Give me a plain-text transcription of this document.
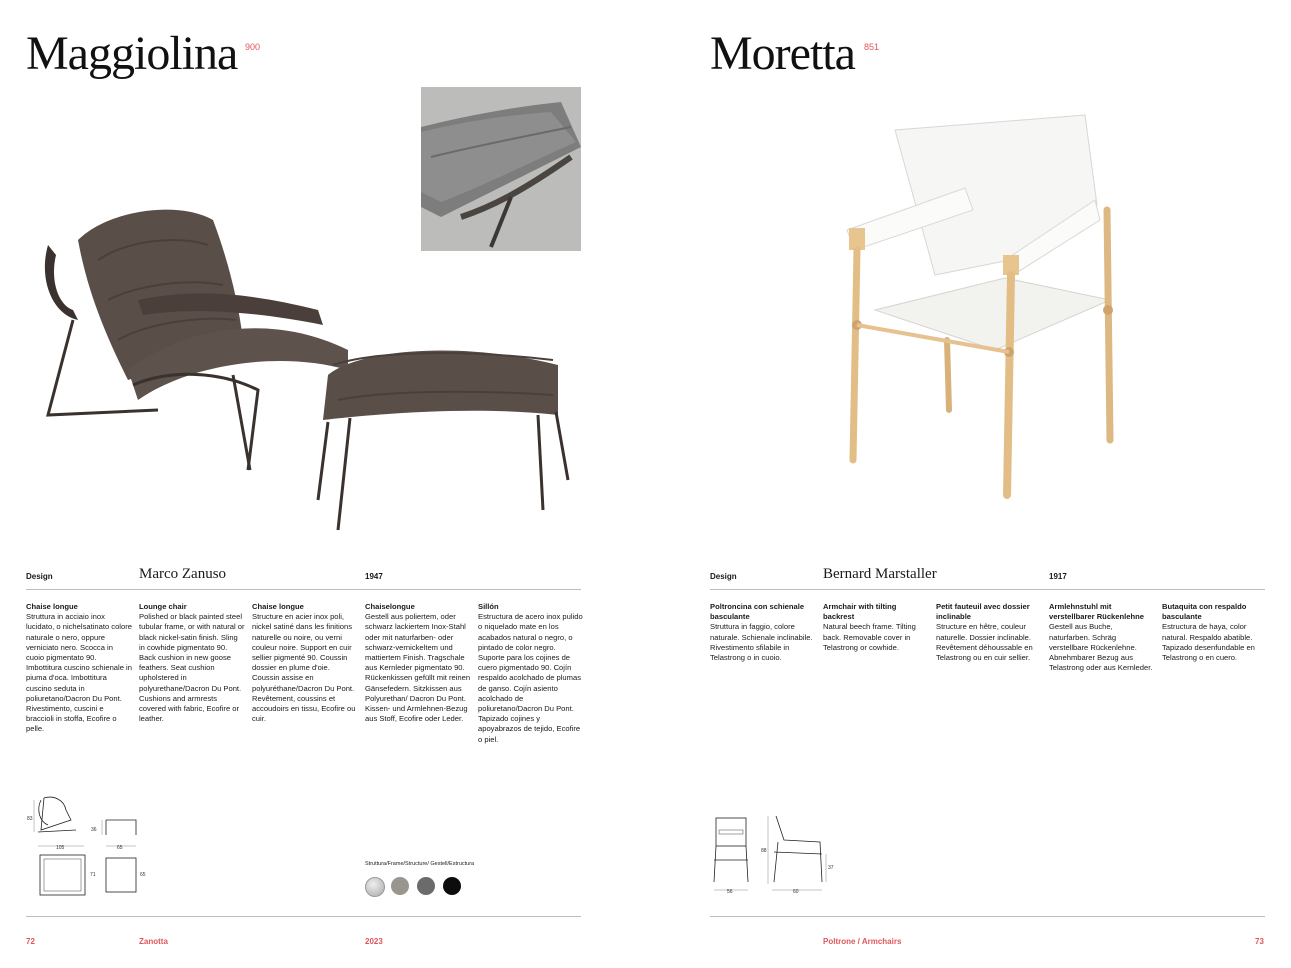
Maggiolina 900
Design	Marco Zanuso	1947
Chaise longue
Struttura in acciaio inox lucidato, o nichelsatinato colore naturale o nero, oppure verniciato nero. Scocca in cuoio pigmentato 90. Imbottitura cuscino schienale in piuma d'oca. Imbottitura cuscino seduta in poliuretano/Dacron Du Pont. Rivestimento, cuscini e braccioli in stoffa, Ecofire o pelle.
Lounge chair
Polished or black painted steel tubular frame, or with natural or black nickel-satin finish. Sling in cowhide pigmentato 90. Back cushion in new goose feathers. Seat cushion upholstered in polyurethane/Dacron Du Pont. Cushions and armrests covered with fabric, Ecofire or leather.
Chaise longue
Structure en acier inox poli, nickel satiné dans les finitions naturelle ou noire, ou verni couleur noire. Support en cuir sellier pigmenté 90. Coussin dossier en plume d'oie. Coussin assise en polyuréthane/Dacron Du Pont. Revêtement, coussins et accoudoirs en tissu, Ecofire ou cuir.
Chaiselongue
Gestell aus poliertem, oder schwarz lackiertem Inox-Stahl oder mit naturfarben- oder schwarz-vernickeltem und mattiertem Finish. Tragschale aus Kernleder pigmentato 90. Rückenkissen gefüllt mit reinen Gänsefedern. Sitzkissen aus Polyurethan/ Dacron Du Pont. Kissen- und Armlehnen-Bezug aus Stoff, Ecofire oder Leder.
Sillón
Estructura de acero inox pulido o niquelado mate en los acabados natural o negro, o pintado de color negro. Suporte para los cojines de cuero pigmentado 90. Cojín respaldo acolchado de plumas de ganso. Cojín asiento acolchado de poliuretano/Dacron Du Pont. Tapizado cojines y apoyabrazos de tejido, Ecofire o piel.
83
105
36
65
71	65
Struttura/Frame/Structure/ Gestell/Estructura
72	Zanotta	2023
Moretta 851
Design	Bernard Marstaller	1917
Poltroncina con schienale basculante
Struttura in faggio, colore naturale. Schienale inclinabile. Rivestimento sfilabile in Telastrong o in cuoio.
Armchair with tilting backrest
Natural beech frame. Tilting back. Removable cover in Telastrong or cowhide.
Petit fauteuil avec dossier inclinable
Structure en hêtre, couleur naturelle. Dossier inclinable. Revêtement déhoussable en Telastrong ou en cuir sellier.
Armlehnstuhl mit verstellbarer Rückenlehne
Gestell aus Buche, naturfarben. Schräg verstellbare Rückenlehne. Abnehmbarer Bezug aus Telastrong oder aus Kernleder.
Butaquita con respaldo basculante
Estructura de haya, color natural. Respaldo abatible. Tapizado desenfundable en Telastrong o en cuero.
56
88
60
37
Poltrone / Armchairs	73
